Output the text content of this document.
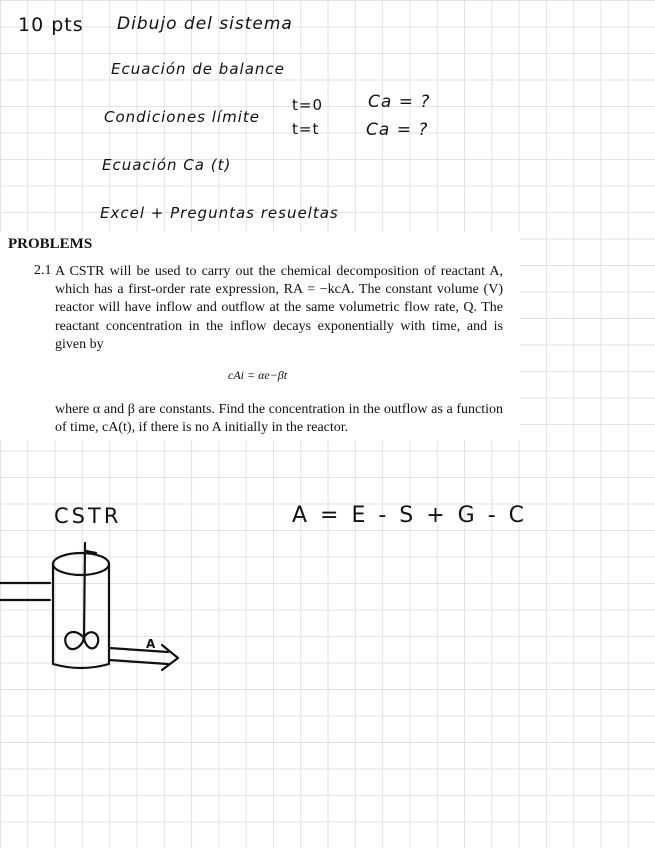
10 pts Dibujo del sistema
Ecuación de balance
Condiciones límite
t=0
t=t
Ca = ?
Ca = ?
Ecuación Ca (t)
Excel + Preguntas resueltas
PROBLEMS
2.1 A CSTR will be used to carry out the chemical decomposition of reactant A, which has a first-order rate expression, RA = −kcA. The constant volume (V) reactor will have inflow and outflow at the same volumetric flow rate, Q. The reactant concentration in the inflow decays exponentially with time, and is given by
cAi = αe−βt
where α and β are constants. Find the concentration in the outflow as a function of time, cA(t), if there is no A initially in the reactor.
CSTR	A = E - S + G - C
A
